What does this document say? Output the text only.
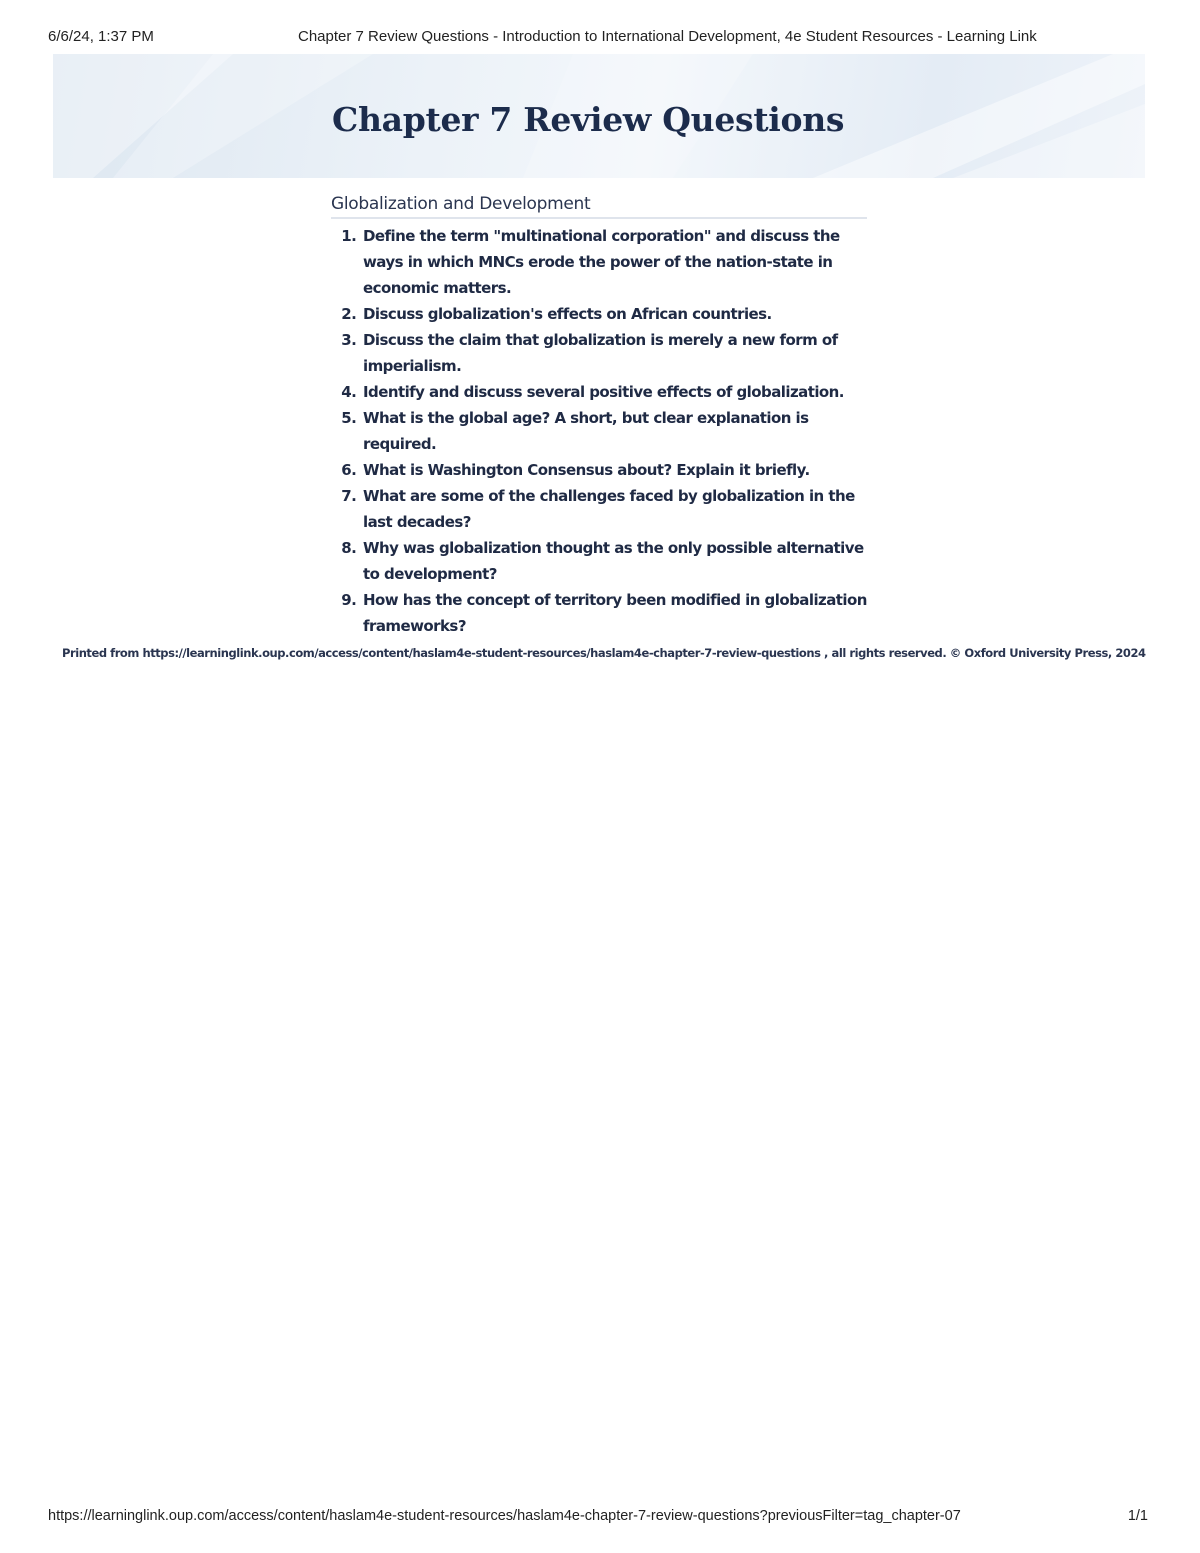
6/6/24, 1:37 PM	Chapter 7 Review Questions - Introduction to International Development, 4e Student Resources - Learning Link
Chapter 7 Review Questions
Globalization and Development
1. Define the term "multinational corporation" and discuss the ways in which MNCs erode the power of the nation-state in economic matters.
2. Discuss globalization's effects on African countries.
3. Discuss the claim that globalization is merely a new form of imperialism.
4. Identify and discuss several positive effects of globalization.
5. What is the global age? A short, but clear explanation is required.
6. What is Washington Consensus about? Explain it briefly.
7. What are some of the challenges faced by globalization in the last decades?
8. Why was globalization thought as the only possible alternative to development?
9. How has the concept of territory been modified in globalization frameworks?
Printed from https://learninglink.oup.com/access/content/haslam4e-student-resources/haslam4e-chapter-7-review-questions , all rights reserved. © Oxford University Press, 2024
https://learninglink.oup.com/access/content/haslam4e-student-resources/haslam4e-chapter-7-review-questions?previousFilter=tag_chapter-07	1/1
